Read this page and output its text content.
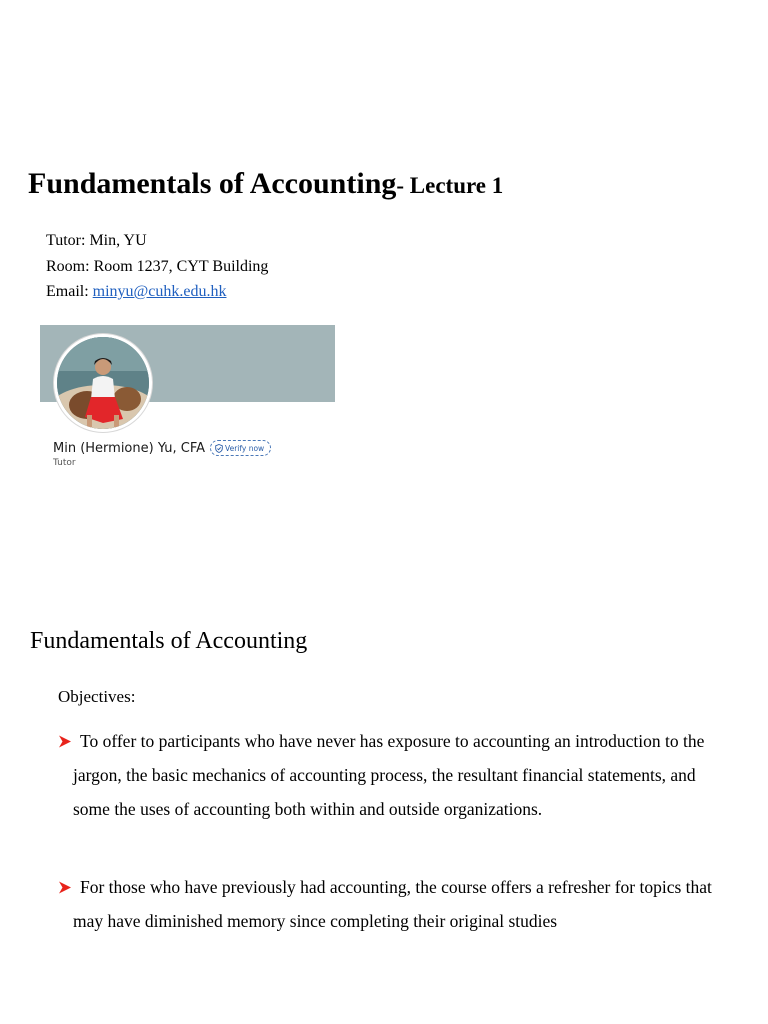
Fundamentals of Accounting- Lecture 1
Tutor: Min, YU
Room: Room 1237, CYT Building
Email: minyu@cuhk.edu.hk
Min (Hermione) Yu, CFA	Verify now
Tutor
Fundamentals of Accounting
Objectives:
To offer to participants who have never has exposure to accounting an introduction to the jargon, the basic mechanics of accounting process, the resultant financial statements, and some the uses of accounting both within and outside organizations.
For those who have previously had accounting, the course offers a refresher for topics that may have diminished memory since completing their original studies
